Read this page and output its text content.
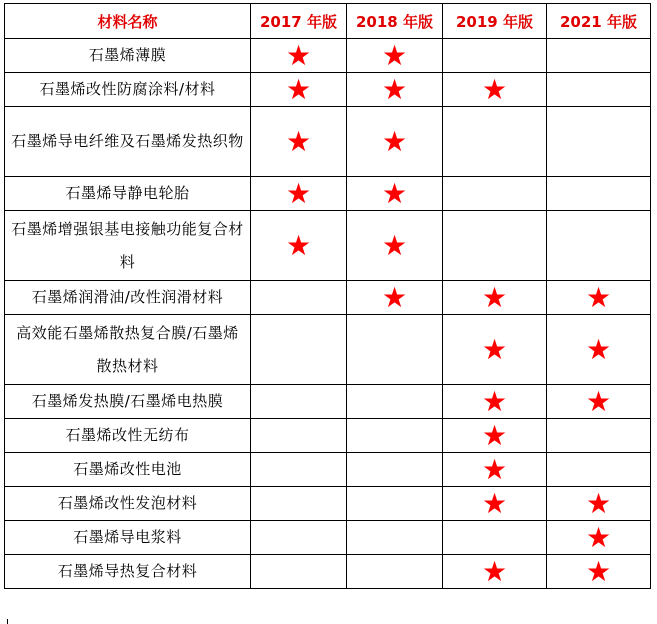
材料名称	2017 年版	2018 年版	2019 年版	2021 年版
石墨烯薄膜	★	★		
石墨烯改性防腐涂料/材料	★	★	★	
石墨烯导电纤维及石墨烯发热织物	★	★		
石墨烯导静电轮胎	★	★		
石墨烯增强银基电接触功能复合材料	★	★		
石墨烯润滑油/改性润滑材料		★	★	★
高效能石墨烯散热复合膜/石墨烯散热材料			★	★
石墨烯发热膜/石墨烯电热膜			★	★
石墨烯改性无纺布			★	
石墨烯改性电池			★	
石墨烯改性发泡材料			★	★
石墨烯导电浆料				★
石墨烯导热复合材料			★	★
